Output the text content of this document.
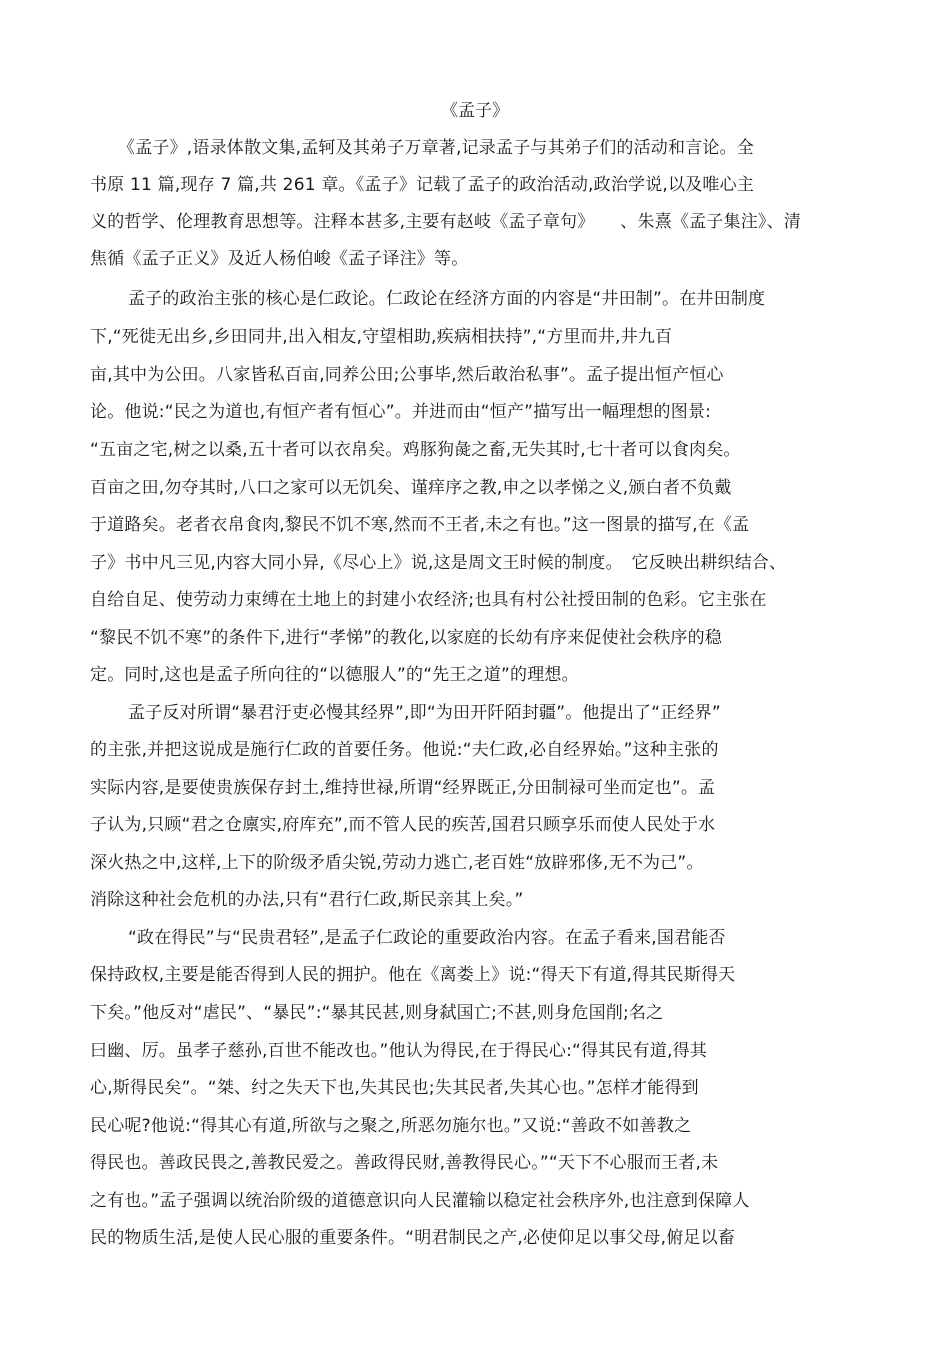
《孟子》
《孟子》,语录体散文集,孟轲及其弟子万章著,记录孟子与其弟子们的活动和言论。全
书原 11 篇,现存 7 篇,共 261 章。《孟子》记载了孟子的政治活动,政治学说,以及唯心主
义的哲学、伦理教育思想等。注释本甚多,主要有赵岐《孟子章句》　　、朱熹《孟子集注》、清
焦循《孟子正义》及近人杨伯峻《孟子译注》等。
孟子的政治主张的核心是仁政论。仁政论在经济方面的内容是“井田制”。在井田制度
下,“死徙无出乡,乡田同井,出入相友,守望相助,疾病相扶持”,“方里而井,井九百
亩,其中为公田。八家皆私百亩,同养公田;公事毕,然后敢治私事”。孟子提出恒产恒心
论。他说:“民之为道也,有恒产者有恒心”。并进而由“恒产”描写出一幅理想的图景:
“五亩之宅,树之以桑,五十者可以衣帛矣。鸡豚狗彘之畜,无失其时,七十者可以食肉矣。
百亩之田,勿夺其时,八口之家可以无饥矣、谨痒序之教,申之以孝悌之义,颁白者不负戴
于道路矣。老者衣帛食肉,黎民不饥不寒,然而不王者,未之有也。”这一图景的描写,在《孟
子》书中凡三见,内容大同小异,《尽心上》说,这是周文王时候的制度。　它反映出耕织结合、
自给自足、使劳动力束缚在土地上的封建小农经济;也具有村公社授田制的色彩。它主张在
“黎民不饥不寒”的条件下,进行“孝悌”的教化,以家庭的长幼有序来促使社会秩序的稳
定。同时,这也是孟子所向往的“以德服人”的“先王之道”的理想。
孟子反对所谓“暴君汙吏必慢其经界”,即“为田开阡陌封疆”。他提出了“正经界”
的主张,并把这说成是施行仁政的首要任务。他说:“夫仁政,必自经界始。”这种主张的
实际内容,是要使贵族保存封土,维持世禄,所谓“经界既正,分田制禄可坐而定也”。孟
子认为,只顾“君之仓廪实,府库充”,而不管人民的疾苦,国君只顾享乐而使人民处于水
深火热之中,这样,上下的阶级矛盾尖锐,劳动力逃亡,老百姓“放辟邪侈,无不为己”。
消除这种社会危机的办法,只有“君行仁政,斯民亲其上矣。”
“政在得民”与“民贵君轻”,是孟子仁政论的重要政治内容。在孟子看来,国君能否
保持政权,主要是能否得到人民的拥护。他在《离娄上》说:“得天下有道,得其民斯得天
下矣。”他反对“虐民”、“暴民”:“暴其民甚,则身弑国亡;不甚,则身危国削;名之
曰幽、厉。虽孝子慈孙,百世不能改也。”他认为得民,在于得民心:“得其民有道,得其
心,斯得民矣”。“桀、纣之失天下也,失其民也;失其民者,失其心也。”怎样才能得到
民心呢?他说:“得其心有道,所欲与之聚之,所恶勿施尔也。”又说:“善政不如善教之
得民也。善政民畏之,善教民爱之。善政得民财,善教得民心。”“天下不心服而王者,未
之有也。”孟子强调以统治阶级的道德意识向人民灌输以稳定社会秩序外,也注意到保障人
民的物质生活,是使人民心服的重要条件。“明君制民之产,必使仰足以事父母,俯足以畜
